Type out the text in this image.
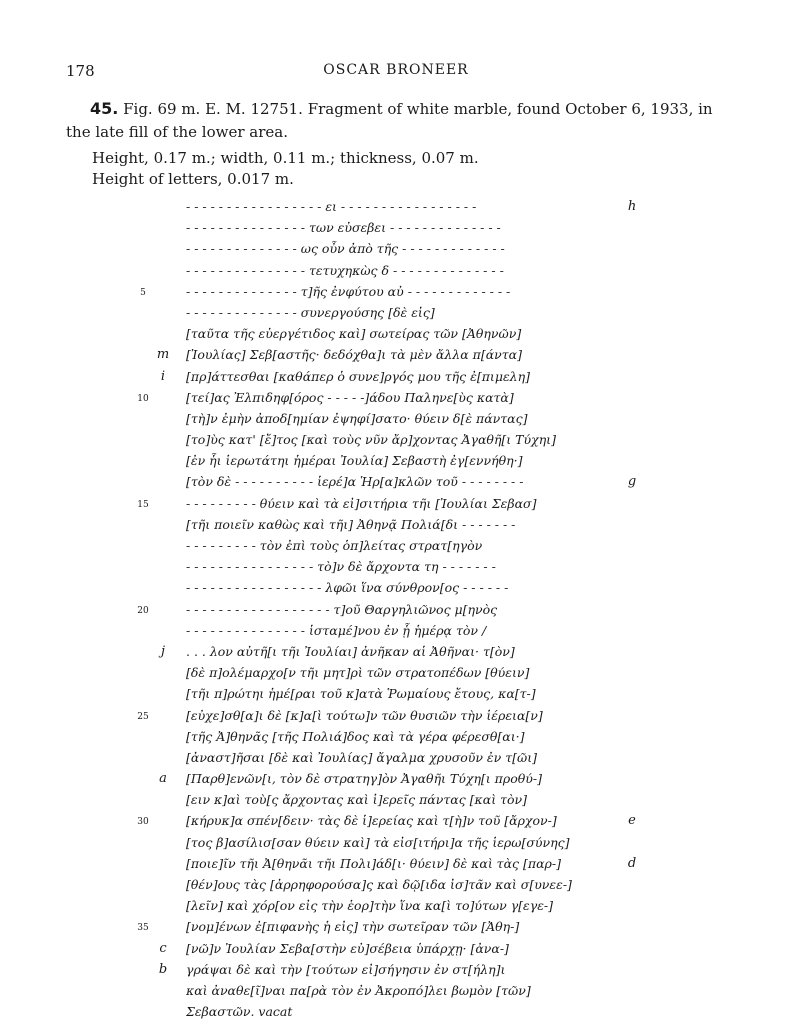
178	OSCAR BRONEER
45. Fig. 69 m. E. M. 12751. Fragment of white marble, found October 6, 1933, in the late fill of the lower area.
Height, 0.17 m.; width, 0.11 m.; thickness, 0.07 m.
Height of letters, 0.017 m.
- - - - - - - - - - - - - - - - - ει - - - - - - - - - - - - - - - - -	h
- - - - - - - - - - - - - - - των εὐσεβει - - - - - - - - - - - - - -
- - - - - - - - - - - - - - ως οὖν ἀπὸ τῆς - - - - - - - - - - - - -
- - - - - - - - - - - - - - - τετυχηκὼς δ - - - - - - - - - - - - - -
5	- - - - - - - - - - - - - - τ]ῆς ἐνφύτου αὐ - - - - - - - - - - - - -
- - - - - - - - - - - - - - συνεργούσης [δὲ εἰς]
[ταῦτα τῆς εὐεργέτιδος καὶ] σωτείρας τῶν [Ἀθηνῶν]
m	[Ἰουλίας] Σεβ[αστῆς· δεδόχθα]ι τὰ μὲν ἄλλα π[άντα]
i	[πρ]άττεσθαι [καθάπερ ὁ συνε]ργός μου τῆς ἐ[πιμελη]
10	[τεί]ας Ἐλπιδηφ[όρος - - - - -]άδου Παληνε[ὺς κατὰ]
[τὴ]ν ἐμὴν ἀποδ[ημίαν ἐψηφί]σατο· θύειν δ[ὲ πάντας]
[το]ὺς κατ' [ἔ]τος [καὶ τοὺς νῦν ἄρ]χοντας Ἀγαθῆ[ι Τύχηι]
[ἐν ἧι ἱερωτάτηι ἡμέραι Ἰουλία] Σεβαστὴ ἐγ[εννήθη·]
[τὸν δὲ - - - - - - - - - - ἱερέ]α Ἡρ[α]κλῶν τοῦ - - - - - - - -	g
15	- - - - - - - - - θύειν καὶ τὰ εἰ]σιτήρια τῆι [Ἰουλίαι Σεβασ]
[τῆι ποιεῖν καθὼς καὶ τῆι] Ἀθηνᾷ Πολιά[δι - - - - - - -
- - - - - - - - - τὸν ἐπὶ τοὺς ὁπ]λείτας στρατ[ηγὸν
- - - - - - - - - - - - - - - - τὸ]ν δὲ ἄρχοντα τη - - - - - - -
- - - - - - - - - - - - - - - - - λφῶι ἵνα σύνθρον[ος - - - - - -
20	- - - - - - - - - - - - - - - - - - τ]οῦ Θαργηλιῶνος μ[ηνὸς
- - - - - - - - - - - - - - - ἱσταμέ]νου ἐν ᾗ ἡμέρᾳ τὸν /
j	. . . λον αὐτῆ[ι τῆι Ἰουλίαι] ἀνῆκαν αἱ Ἀθῆναι· τ[ὸν]
[δὲ π]ολέμαρχο[ν τῆι μητ]ρὶ τῶν στρατοπέδων [θύειν]
[τῆι π]ρώτηι ἡμέ[ραι τοῦ κ]ατὰ Ῥωμαίους ἔτους, κα[τ-]
25	[εὐχε]σθ[α]ι δὲ [κ]α[ὶ τούτω]ν τῶν θυσιῶν τὴν ἱέρεια[ν]
[τῆς Ἀ]θηνᾶς [τῆς Πολιά]δος καὶ τὰ γέρα φέρεσθ[αι·]
[ἀναστ]ῆσαι [δὲ καὶ Ἰουλίας] ἄγαλμα χρυσοῦν ἐν τ[ῶι]
a	[Παρθ]ενῶν[ι, τὸν δὲ στρατηγ]ὸν Ἀγαθῆι Τύχη[ι προθύ-]
[ειν κ]αὶ τοὺ[ς ἄρχοντας καὶ ἱ]ερεῖς πάντας [καὶ τὸν]
30	[κήρυκ]α σπέν[δειν· τὰς δὲ ἱ]ερείας καὶ τ[ὴ]ν τοῦ [ἄρχον-]	e
[τος β]ασίλισ[σαν θύειν καὶ] τὰ εἰσ[ιτήρι]α τῆς ἱερω[σύνης]
[ποιε]ῖν τῆι Ἀ[θηνᾶι τῆι Πολι]άδ[ι· θύειν] δὲ καὶ τὰς [παρ-]	d
[θέν]ους τὰς [ἀρρηφορούσα]ς καὶ δῷ[ιδα ἰσ]τᾶν καὶ σ[υνεε-]
[λεῖν] καὶ χόρ[ον εἰς τὴν ἑορ]τὴν ἵνα κα[ὶ το]ύτων γ[εγε-]
35	[νομ]ένων ἐ[πιφανὴς ἡ εἰς] τὴν σωτεῖραν τῶν [Ἀθη-]
c	[νῶ]ν Ἰουλίαν Σεβα[στὴν εὐ]σέβεια ὑπάρχῃ· [ἀνα-]
b	γράψαι δὲ καὶ τὴν [τούτων εἰ]σήγησιν ἐν στ[ήλη]ι
καὶ ἀναθε[ῖ]ναι πα[ρὰ τὸν ἐν Ἀκροπό]λει βωμὸν [τῶν]
Σεβαστῶν. vacat
